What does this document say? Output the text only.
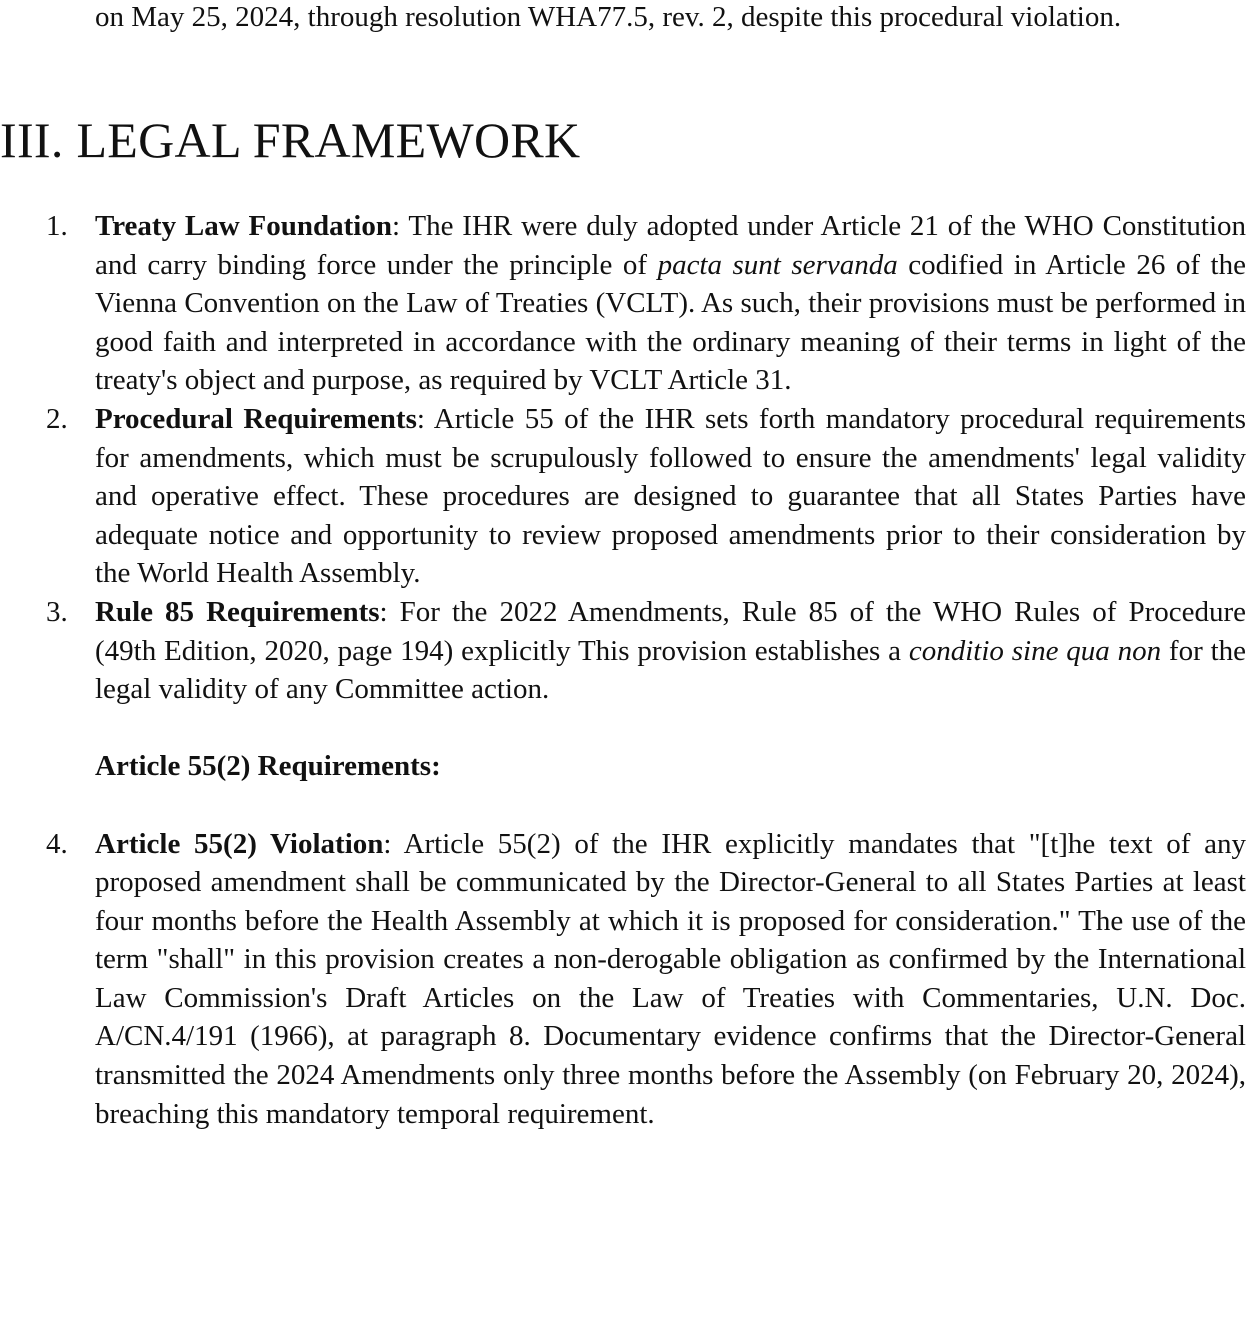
on May 25, 2024, through resolution WHA77.5, rev. 2, despite this procedural violation.

III. LEGAL FRAMEWORK
1. Treaty Law Foundation: The IHR were duly adopted under Article 21 of the WHO Constitution and carry binding force under the principle of pacta sunt servanda codified in Article 26 of the Vienna Convention on the Law of Treaties (VCLT). As such, their provisions must be performed in good faith and interpreted in accordance with the ordinary meaning of their terms in light of the treaty's object and purpose, as required by VCLT Article 31.

2. Procedural Requirements: Article 55 of the IHR sets forth mandatory procedural requirements for amendments, which must be scrupulously followed to ensure the amendments' legal validity and operative effect. These procedures are designed to guarantee that all States Parties have adequate notice and opportunity to review proposed amendments prior to their consideration by the World Health Assembly.

3. Rule 85 Requirements: For the 2022 Amendments, Rule 85 of the WHO Rules of Procedure (49th Edition, 2020, page 194) explicitly This provision establishes a conditio sine qua non for the legal validity of any Committee action.

Article 55(2) Requirements:

4. Article 55(2) Violation: Article 55(2) of the IHR explicitly mandates that "[t]he text of any proposed amendment shall be communicated by the Director-General to all States Parties at least four months before the Health Assembly at which it is proposed for consideration." The use of the term "shall" in this provision creates a non-derogable obligation as confirmed by the International Law Commission's Draft Articles on the Law of Treaties with Commentaries, U.N. Doc. A/CN.4/191 (1966), at paragraph 8. Documentary evidence confirms that the Director-General transmitted the 2024 Amendments only three months before the Assembly (on February 20, 2024), breaching this mandatory temporal requirement.
